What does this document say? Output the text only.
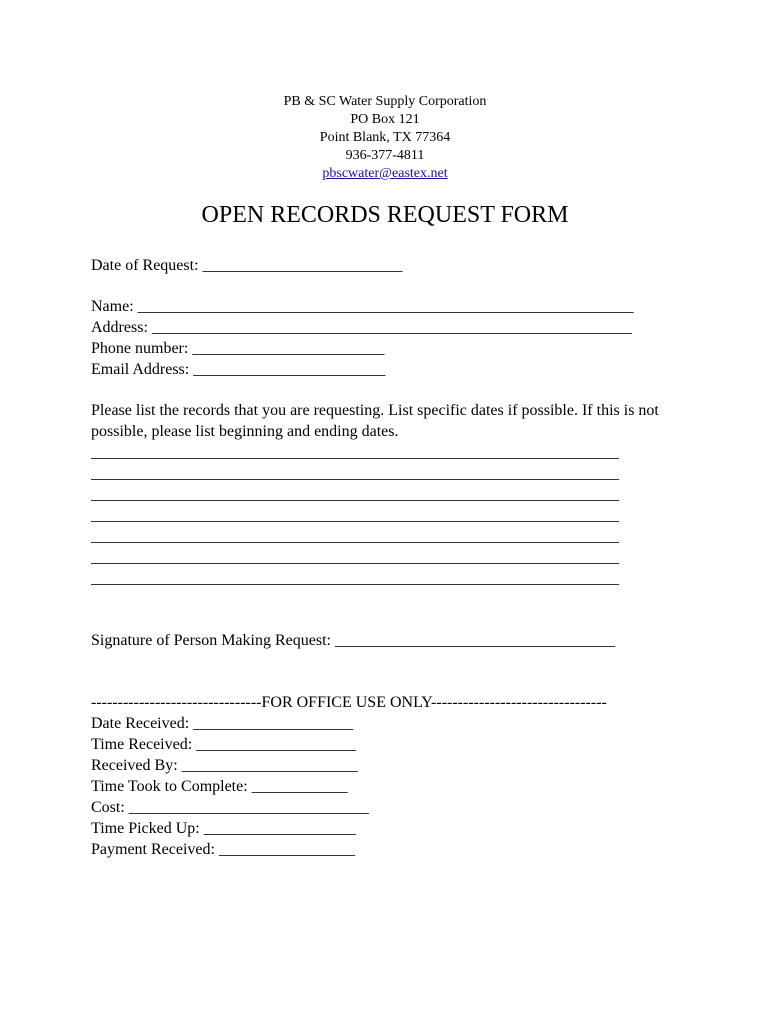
PB & SC Water Supply Corporation
PO Box 121
Point Blank, TX 77364
936-377-4811
pbscwater@eastex.net
OPEN RECORDS REQUEST FORM
Date of Request: _________________________
Name: ______________________________________________________________
Address: ____________________________________________________________
Phone number: ________________________
Email Address: ________________________
Please list the records that you are requesting. List specific dates if possible. If this is not possible, please list beginning and ending dates.
__________________________________________________________________
__________________________________________________________________
__________________________________________________________________
__________________________________________________________________
__________________________________________________________________
__________________________________________________________________
__________________________________________________________________
Signature of Person Making Request: ___________________________________
--------------------------------FOR OFFICE USE ONLY---------------------------------
Date Received: ____________________
Time Received: ____________________
Received By: ______________________
Time Took to Complete: ____________
Cost: ______________________________
Time Picked Up: ___________________
Payment Received: _________________
